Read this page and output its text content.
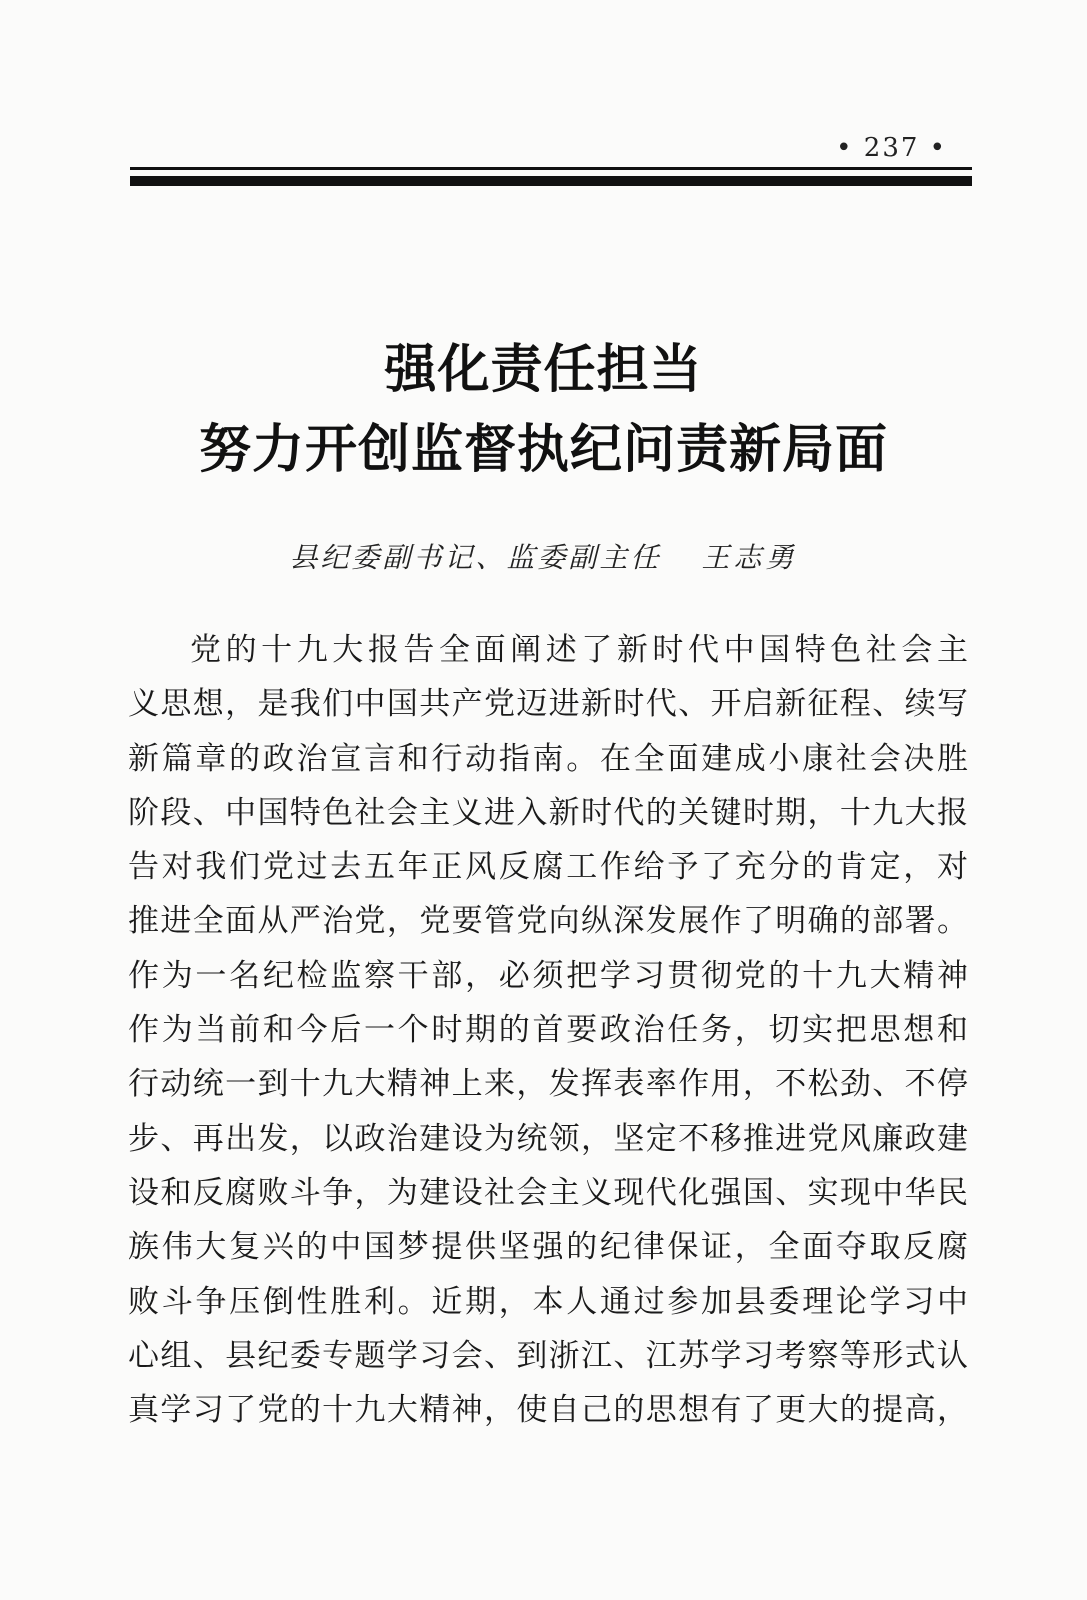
• 237 •
强化责任担当
努力开创监督执纪问责新局面
县纪委副书记、监委副主任 王志勇
党的十九大报告全面阐述了新时代中国特色社会主
义思想，是我们中国共产党迈进新时代、开启新征程、续写
新篇章的政治宣言和行动指南。在全面建成小康社会决胜
阶段、中国特色社会主义进入新时代的关键时期，十九大报
告对我们党过去五年正风反腐工作给予了充分的肯定，对
推进全面从严治党，党要管党向纵深发展作了明确的部署。
作为一名纪检监察干部，必须把学习贯彻党的十九大精神
作为当前和今后一个时期的首要政治任务，切实把思想和
行动统一到十九大精神上来，发挥表率作用，不松劲、不停
步、再出发，以政治建设为统领，坚定不移推进党风廉政建
设和反腐败斗争，为建设社会主义现代化强国、实现中华民
族伟大复兴的中国梦提供坚强的纪律保证，全面夺取反腐
败斗争压倒性胜利。近期，本人通过参加县委理论学习中
心组、县纪委专题学习会、到浙江、江苏学习考察等形式认
真学习了党的十九大精神，使自己的思想有了更大的提高，
